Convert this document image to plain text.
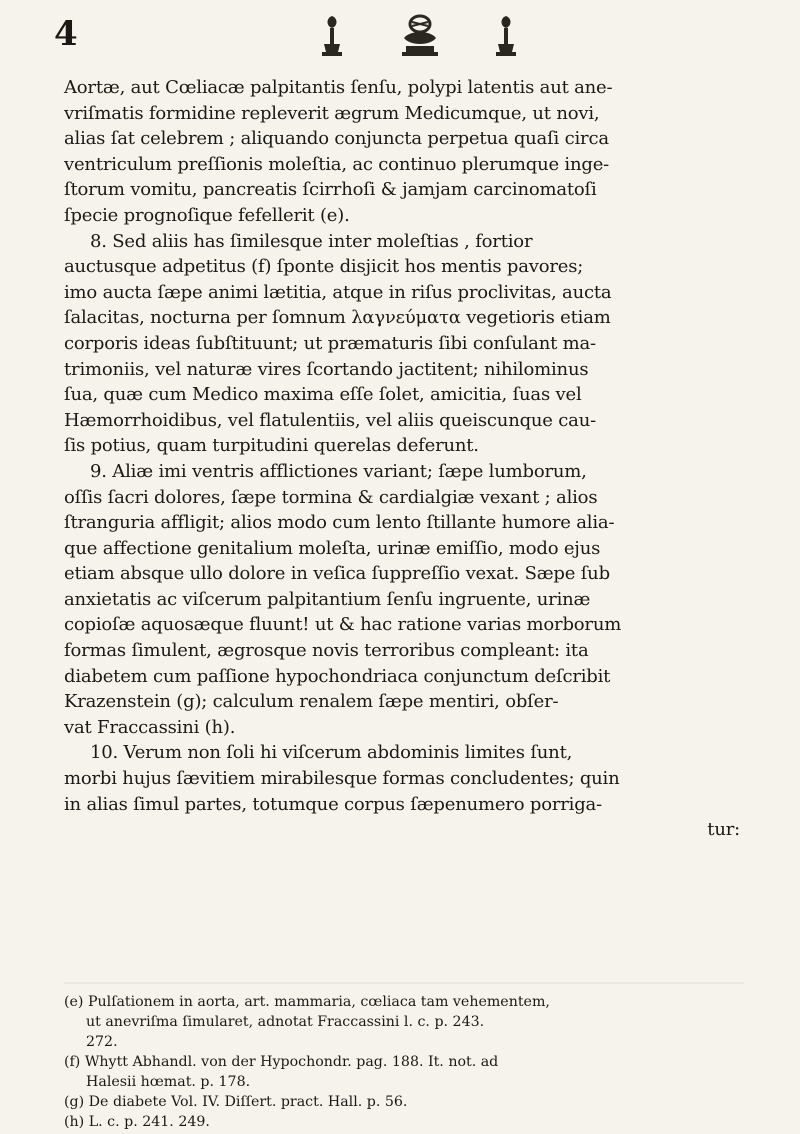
4

Aortæ, aut Cœliacæ palpitantis ſenſu, polypi latentis aut ane-
vriſmatis formidine repleverit ægrum Medicumque, ut novi,
alias ſat celebrem ; aliquando conjuncta perpetua quaſi circa
ventriculum preſſionis moleſtia, ac continuo plerumque inge-
ſtorum vomitu, pancreatis ſcirrhoſi & jamjam carcinomatoſi
ſpecie prognoſique fefellerit (e).

8. Sed aliis has ſimilesque inter moleſtias , fortior
auctusque adpetitus (f) ſponte disjicit hos mentis pavores;
imo aucta ſæpe animi lætitia, atque in riſus proclivitas, aucta
ſalacitas, nocturna per ſomnum λαγνεύματα vegetioris etiam
corporis ideas ſubſtituunt; ut præmaturis ſibi conſulant ma-
trimoniis, vel naturæ vires ſcortando jactitent; nihilominus
ſua, quæ cum Medico maxima eſſe ſolet, amicitia, ſuas vel
Hæmorrhoidibus, vel flatulentiis, vel aliis queiscunque cau-
ſis potius, quam turpitudini querelas deferunt.

9. Aliæ imi ventris afflictiones variant; ſæpe lumborum,
oſſis ſacri dolores, ſæpe tormina & cardialgiæ vexant ; alios
ſtranguria affligit; alios modo cum lento ſtillante humore alia-
que affectione genitalium moleſta, urinæ emiſſio, modo ejus
etiam absque ullo dolore in veſica ſuppreſſio vexat. Sæpe ſub
anxietatis ac viſcerum palpitantium ſenſu ingruente, urinæ
copioſæ aquosæque fluunt! ut & hac ratione varias morborum
formas ſimulent, ægrosque novis terroribus compleant: ita
diabetem cum paſſione hypochondriaca conjunctum deſcribit
Krazenstein (g); calculum renalem ſæpe mentiri, obſer-
vat Fraccassini (h).

10. Verum non ſoli hi viſcerum abdominis limites ſunt,
morbi hujus ſævitiem mirabilesque formas concludentes; quin
in alias ſimul partes, totumque corpus ſæpenumero porriga-
tur:

(e) Pulſationem in aorta, art. mammaria, cœliaca tam vehementem,
ut anevriſma ſimularet, adnotat Fraccassini l. c. p. 243.
272.

(f) Whytt Abhandl. von der Hypochondr. pag. 188. It. not. ad
Halesii hœmat. p. 178.

(g) De diabete Vol. IV. Diſſert. pract. Hall. p. 56.

(h) L. c. p. 241. 249.
